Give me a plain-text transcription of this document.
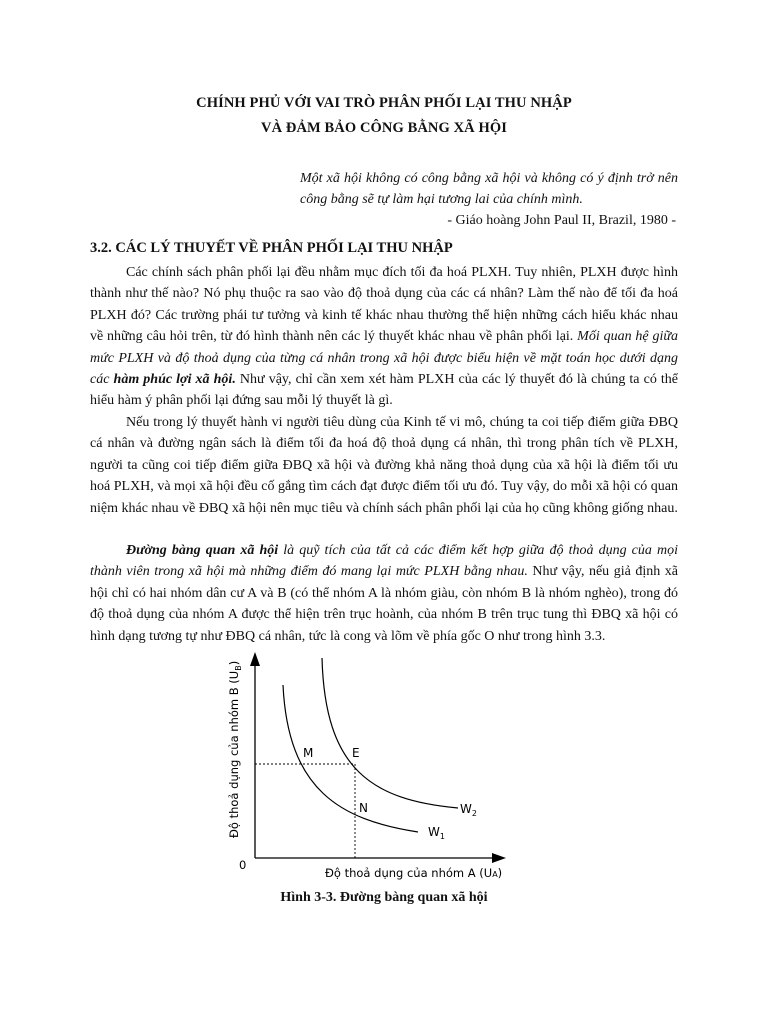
CHÍNH PHỦ VỚI VAI TRÒ PHÂN PHỐI LẠI THU NHẬP
VÀ ĐẢM BẢO CÔNG BẰNG XÃ HỘI
Một xã hội không có công bằng xã hội và không có ý định trở nên công bằng sẽ tự làm hại tương lai của chính mình.
- Giáo hoàng John Paul II, Brazil, 1980 -
3.2. CÁC LÝ THUYẾT VỀ PHÂN PHỐI LẠI THU NHẬP

Các chính sách phân phối lại đều nhằm mục đích tối đa hoá PLXH. Tuy nhiên, PLXH được hình thành như thế nào? Nó phụ thuộc ra sao vào độ thoả dụng của các cá nhân? Làm thế nào để tối đa hoá PLXH đó? Các trường phái tư tưởng và kinh tế khác nhau thường thể hiện những cách hiểu khác nhau về những câu hỏi trên, từ đó hình thành nên các lý thuyết khác nhau về phân phối lại. Mối quan hệ giữa mức PLXH và độ thoả dụng của từng cá nhân trong xã hội được biểu hiện về mặt toán học dưới dạng các hàm phúc lợi xã hội. Như vậy, chỉ cần xem xét hàm PLXH của các lý thuyết đó là chúng ta có thể hiểu hàm ý phân phối lại đứng sau mỗi lý thuyết là gì.

Nếu trong lý thuyết hành vi người tiêu dùng của Kinh tế vi mô, chúng ta coi tiếp điểm giữa ĐBQ cá nhân và đường ngân sách là điểm tối đa hoá độ thoả dụng cá nhân, thì trong phân tích về PLXH, người ta cũng coi tiếp điểm giữa ĐBQ xã hội và đường khả năng thoả dụng của xã hội là điểm tối ưu hoá PLXH, và mọi xã hội đều cố gắng tìm cách đạt được điểm tối ưu đó. Tuy vậy, do mỗi xã hội có quan niệm khác nhau về ĐBQ xã hội nên mục tiêu và chính sách phân phối lại của họ cũng không giống nhau.

Đường bàng quan xã hội là quỹ tích của tất cả các điểm kết hợp giữa độ thoả dụng của mọi thành viên trong xã hội mà những điểm đó mang lại mức PLXH bằng nhau. Như vậy, nếu giả định xã hội chỉ có hai nhóm dân cư A và B (có thể nhóm A là nhóm giàu, còn nhóm B là nhóm nghèo), trong đó độ thoả dụng của nhóm A được thể hiện trên trục hoành, của nhóm B trên trục tung thì ĐBQ xã hội có hình dạng tương tự như ĐBQ cá nhân, tức là cong và lõm về phía gốc O như trong hình 3.3.

Độ thoả dụng của nhóm B $(U_B)$
Độ thoả dụng của nhóm A $(U_A)$
0
M	E
N	$W_2$
$W_1$
Hình 3-3. Đường bàng quan xã hội
